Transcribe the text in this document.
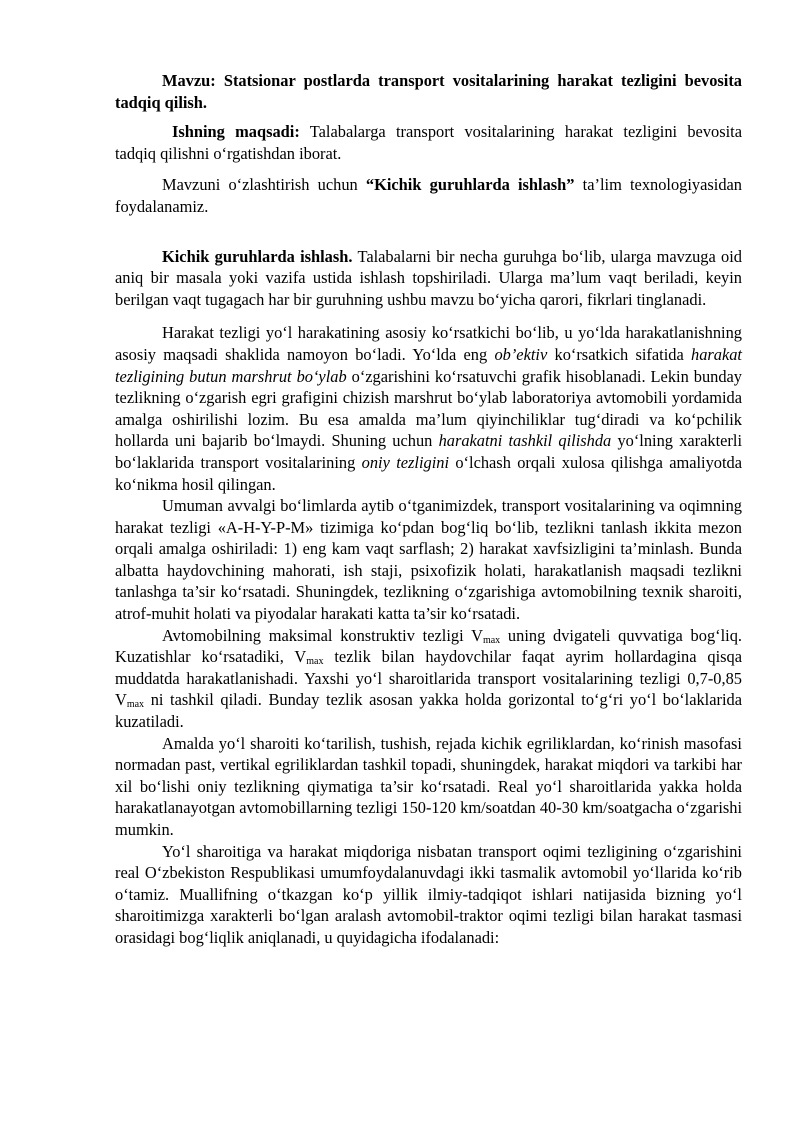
Mavzu: Statsionar postlarda transport vositalarining harakat tezligini bevosita tadqiq qilish.

Ishning maqsadi: Talabalarga transport vositalarining harakat tezligini bevosita tadqiq qilishni o‘rgatishdan iborat.

Mavzuni o‘zlashtirish uchun “Kichik guruhlarda ishlash” ta’lim texnologiyasidan foydalanamiz.

Kichik guruhlarda ishlash. Talabalarni bir necha guruhga bo‘lib, ularga mavzuga oid aniq bir masala yoki vazifa ustida ishlash topshiriladi. Ularga ma’lum vaqt beriladi, keyin berilgan vaqt tugagach har bir guruhning ushbu mavzu bo‘yicha qarori, fikrlari tinglanadi.

Harakat tezligi yo‘l harakatining asosiy ko‘rsatkichi bo‘lib, u yo‘lda harakatlanishning asosiy maqsadi shaklida namoyon bo‘ladi. Yo‘lda eng ob’ektiv ko‘rsatkich sifatida harakat tezligining butun marshrut bo‘ylab o‘zgarishini ko‘rsatuvchi grafik hisoblanadi. Lekin bunday tezlikning o‘zgarish egri grafigini chizish marshrut bo‘ylab laboratoriya avtomobili yordamida amalga oshirilishi lozim. Bu esa amalda ma’lum qiyinchiliklar tug‘diradi va ko‘pchilik hollarda uni bajarib bo‘lmaydi. Shuning uchun harakatni tashkil qilishda yo‘lning xarakterli bo‘laklarida transport vositalarining oniy tezligini o‘lchash orqali xulosa qilishga amaliyotda ko‘nikma hosil qilingan.

Umuman avvalgi bo‘limlarda aytib o‘tganimizdek, transport vositalarining va oqimning harakat tezligi «A-H-Y-P-M» tizimiga ko‘pdan bog‘liq bo‘lib, tezlikni tanlash ikkita mezon orqali amalga oshiriladi: 1) eng kam vaqt sarflash; 2) harakat xavfsizligini ta’minlash. Bunda albatta haydovchining mahorati, ish staji, psixofizik holati, harakatlanish maqsadi tezlikni tanlashga ta’sir ko‘rsatadi. Shuningdek, tezlikning o‘zgarishiga avtomobilning texnik sharoiti, atrof-muhit holati va piyodalar harakati katta ta’sir ko‘rsatadi.

Avtomobilning maksimal konstruktiv tezligi $V_{max}$ uning dvigateli quvvatiga bog‘liq. Kuzatishlar ko‘rsatadiki, $V_{max}$ tezlik bilan haydovchilar faqat ayrim hollardagina qisqa muddatda harakatlanishadi. Yaxshi yo‘l sharoitlarida transport vositalarining tezligi 0,7-0,85 $V_{max}$ ni tashkil qiladi. Bunday tezlik asosan yakka holda gorizontal to‘g‘ri yo‘l bo‘laklarida kuzatiladi.

Amalda yo‘l sharoiti ko‘tarilish, tushish, rejada kichik egriliklardan, ko‘rinish masofasi normadan past, vertikal egriliklardan tashkil topadi, shuningdek, harakat miqdori va tarkibi har xil bo‘lishi oniy tezlikning qiymatiga ta’sir ko‘rsatadi. Real yo‘l sharoitlarida yakka holda harakatlanayotgan avtomobillarning tezligi 150-120 km/soatdan 40-30 km/soatgacha o‘zgarishi mumkin.

Yo‘l sharoitiga va harakat miqdoriga nisbatan transport oqimi tezligining o‘zgarishini real O‘zbekiston Respublikasi umumfoydalanuvdagi ikki tasmalik avtomobil yo‘llarida ko‘rib o‘tamiz. Muallifning o‘tkazgan ko‘p yillik ilmiy-tadqiqot ishlari natijasida bizning yo‘l sharoitimizga xarakterli bo‘lgan aralash avtomobil-traktor oqimi tezligi bilan harakat tasmasi orasidagi bog‘liqlik aniqlanadi, u quyidagicha ifodalanadi:
